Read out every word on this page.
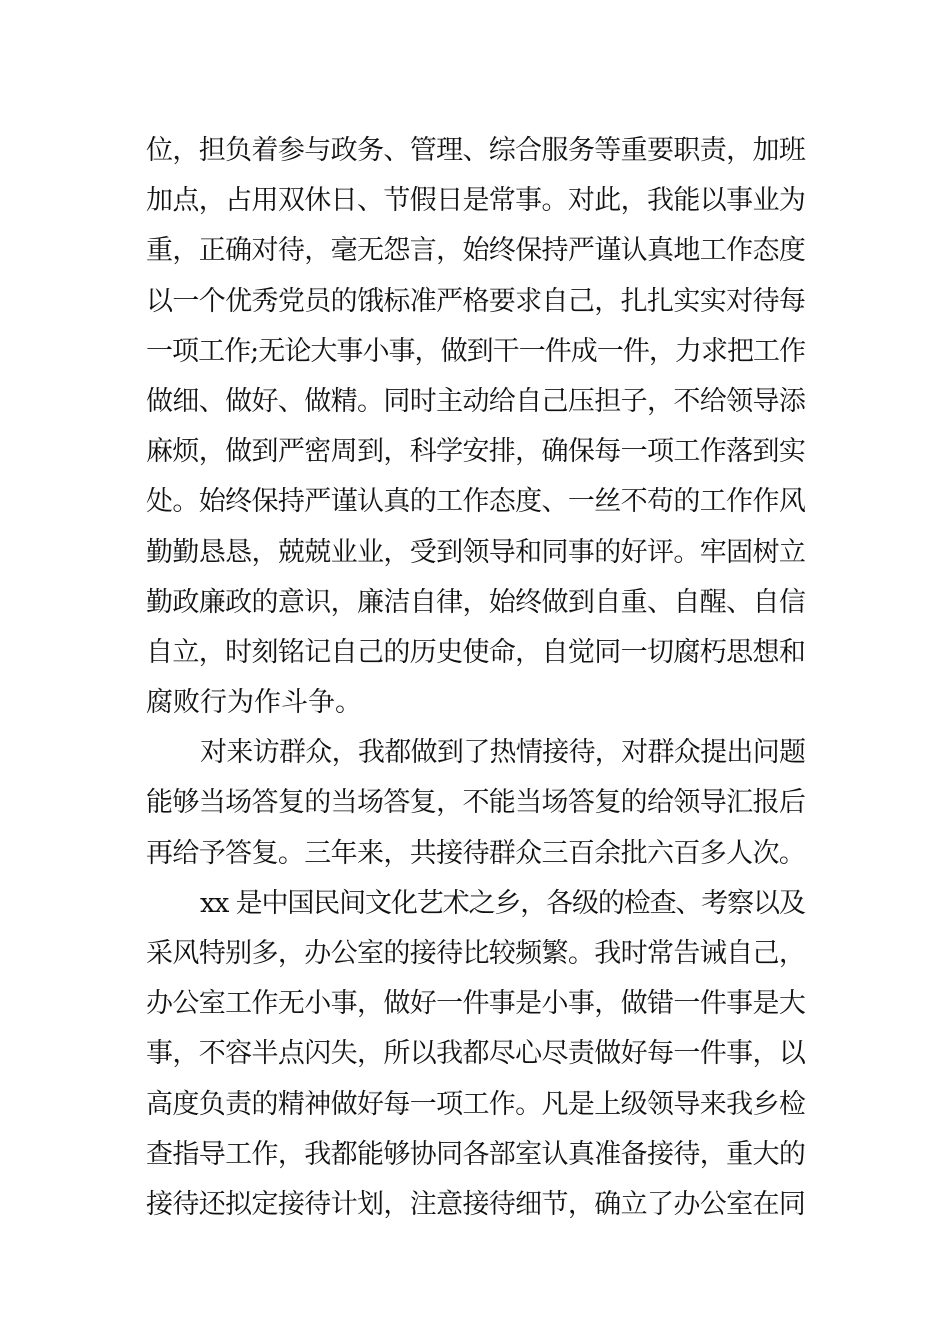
位，担负着参与政务、管理、综合服务等重要职责，加班
加点，占用双休日、节假日是常事。对此，我能以事业为
重，正确对待，毫无怨言，始终保持严谨认真地工作态度
以一个优秀党员的饿标准严格要求自己，扎扎实实对待每
一项工作;无论大事小事，做到干一件成一件，力求把工作
做细、做好、做精。同时主动给自己压担子，不给领导添
麻烦，做到严密周到，科学安排，确保每一项工作落到实
处。始终保持严谨认真的工作态度、一丝不苟的工作作风
勤勤恳恳，兢兢业业，受到领导和同事的好评。牢固树立
勤政廉政的意识，廉洁自律，始终做到自重、自醒、自信
自立，时刻铭记自己的历史使命，自觉同一切腐朽思想和
腐败行为作斗争。
对来访群众，我都做到了热情接待，对群众提出问题
能够当场答复的当场答复，不能当场答复的给领导汇报后
再给予答复。三年来，共接待群众三百余批六百多人次。
xx 是中国民间文化艺术之乡，各级的检查、考察以及
采风特别多，办公室的接待比较频繁。我时常告诫自己，
办公室工作无小事，做好一件事是小事，做错一件事是大
事，不容半点闪失，所以我都尽心尽责做好每一件事，以
高度负责的精神做好每一项工作。凡是上级领导来我乡检
查指导工作，我都能够协同各部室认真准备接待，重大的
接待还拟定接待计划，注意接待细节，确立了办公室在同
